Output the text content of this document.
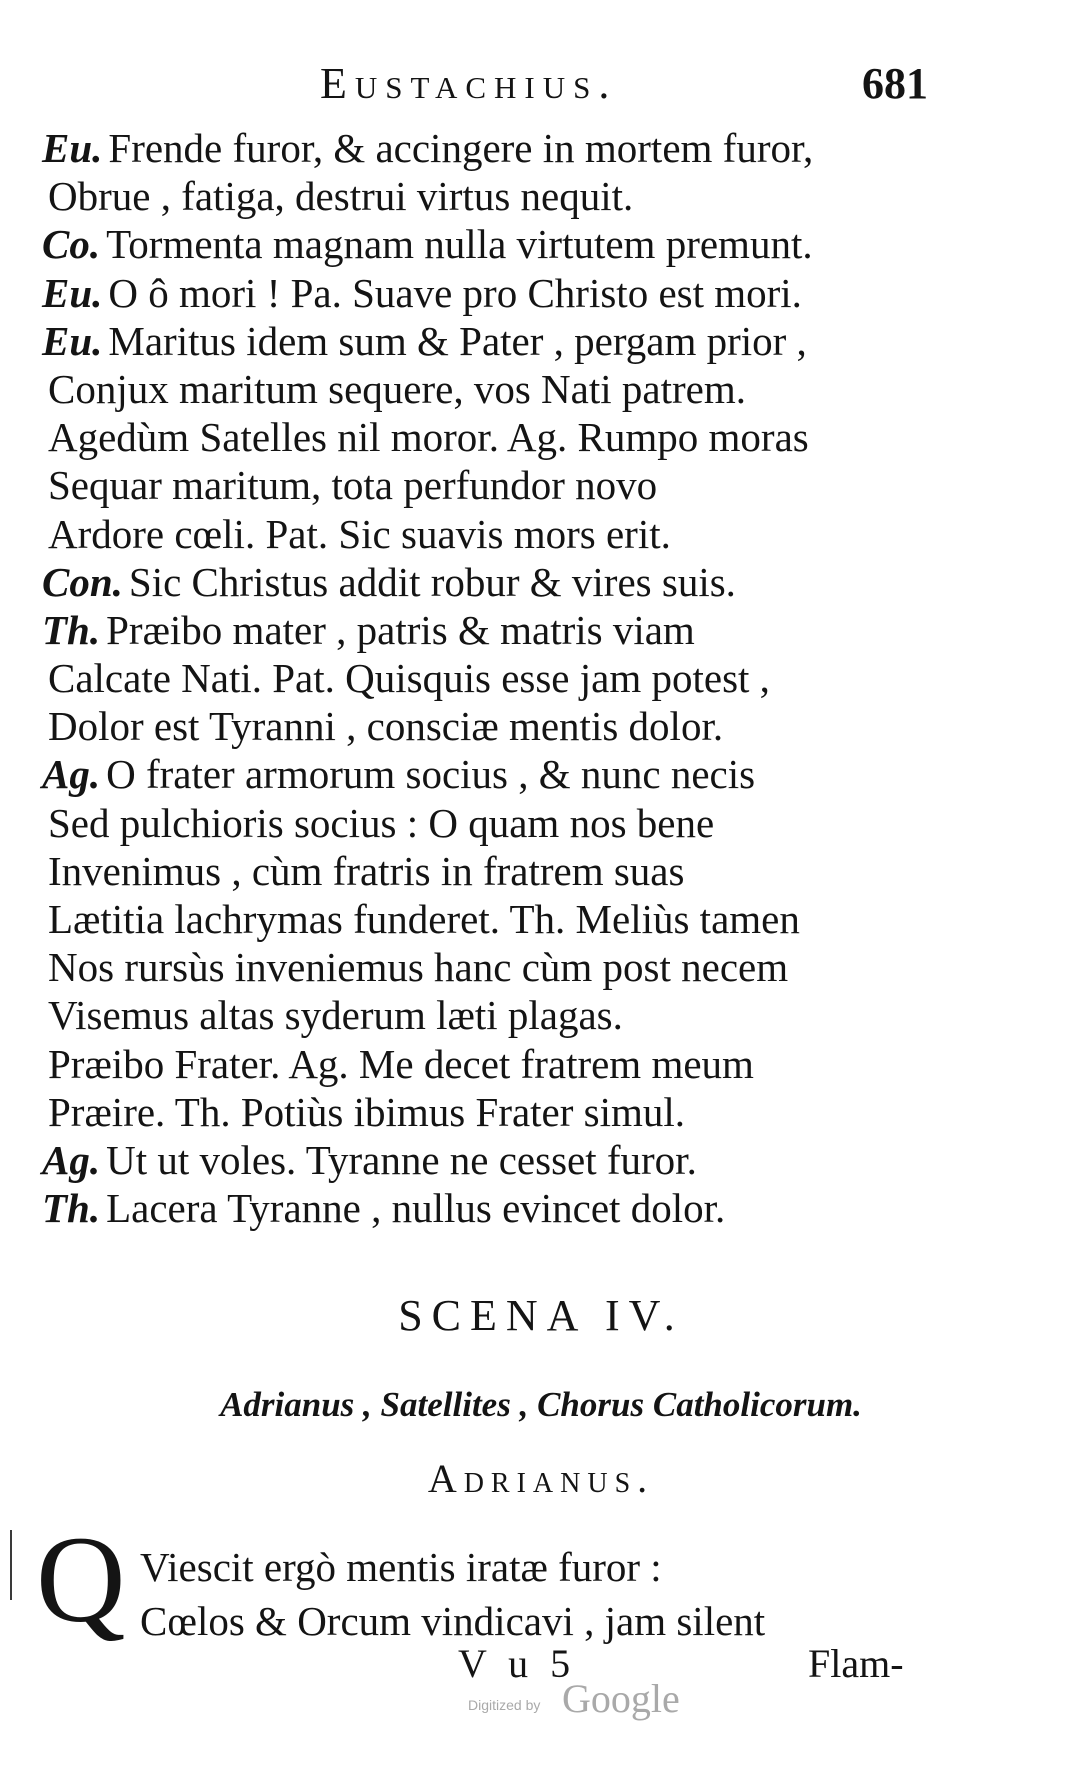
Eustachius.	681
Eu. Frende furor, & accingere in mortem furor,
Obrue , fatiga, destrui virtus nequit.
Co. Tormenta magnam nulla virtutem premunt.
Eu. O ô mori ! Pa. Suave pro Christo est mori.
Eu. Maritus idem sum & Pater , pergam prior ,
Conjux maritum sequere, vos Nati patrem.
Agedùm Satelles nil moror. Ag. Rumpo moras
Sequar maritum, tota perfundor novo
Ardore cœli. Pat. Sic suavis mors erit.
Con. Sic Christus addit robur & vires suis.
Th. Præibo mater , patris & matris viam
Calcate Nati. Pat. Quisquis esse jam potest ,
Dolor est Tyranni , consciæ mentis dolor.
Ag. O frater armorum socius , & nunc necis
Sed pulchioris socius : O quam nos bene
Invenimus , cùm fratris in fratrem suas
Lætitia lachrymas funderet. Th. Meliùs tamen
Nos rursùs inveniemus hanc cùm post necem
Visemus altas syderum læti plagas.
Præibo Frater. Ag. Me decet fratrem meum
Præire. Th. Potiùs ibimus Frater simul.
Ag. Ut ut voles. Tyranne ne cesset furor.
Th. Lacera Tyranne , nullus evincet dolor.
SCENA IV.
Adrianus , Satellites , Chorus Catholicorum.
Adrianus.
Q Viescit ergò mentis iratæ furor :
Cœlos & Orcum vindicavi , jam silent
V u 5	Flam-
Digitized by Google
